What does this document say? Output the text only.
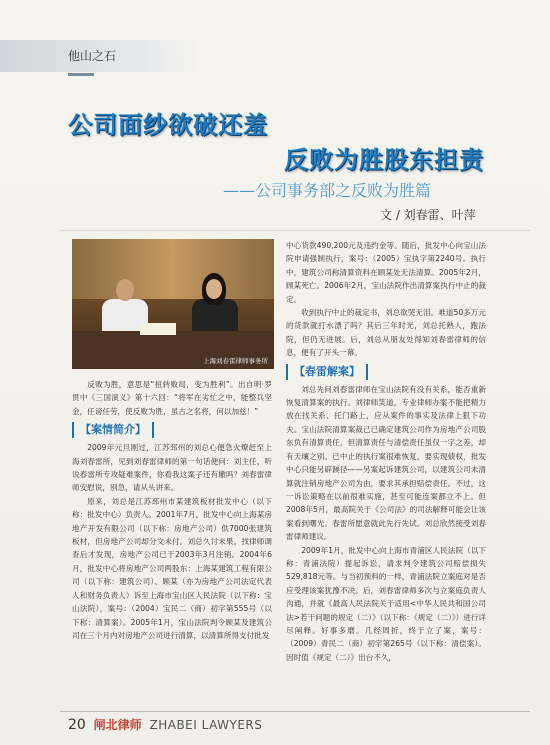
他山之石
公司面纱欲破还羞
反败为胜股东担责
——公司事务部之反败为胜篇
文 / 刘春雷、叶萍
上海刘春雷律师事务所

反败为胜，意思是“扭转败局，变为胜利”。出自明·罗贯中《三国演义》第十六回：“将军在劣忙之中，能整兵坚金，任谤任劳，使反败为胜，虽古之名将，何以加兹！”

【案情简介】

2009年元旦刚过，江苏邳州的刘总心便急火燎赶至上海刘春雷所，见到刘春雷律师的第一句话便问：刘主任，听说春雷所专攻疑难案件，你看我这案子还有辙吗？刘春雷律师安慰说，别急，请从头讲来。

原来，刘总是江苏邳州市某建筑板材批发中心（以下称：批发中心）负责人。2001年7月，批发中心向上海某房地产开发有限公司（以下称：房地产公司）供7000张建筑板材，但房地产公司却分文未付。刘总久讨未果。找律师调查后才发现，房地产公司已于2003年3月注销。2004年6月，批发中心将房地产公司两股东：上海某建筑工程有限公司（以下称：建筑公司）、顾某（亦为房地产公司法定代表人和财务负责人）诉至上海市宝山区人民法院（以下称：宝山法院），案号：（2004）宝民二（商）初字第555号（以下称：清算案）。2005年1月，宝山法院判令顾某及建筑公司在三个月内对房地产公司进行清算，以清算所得支付批发

中心货款490,200元及违约金等。随后，批发中心向宝山法院申请强制执行，案号：（2005）宝执字第2240号。执行中，建筑公司称清算资料在顾某处无法清算。2005年2月，顾某死亡。2006年2月，宝山法院作出清算案执行中止的裁定。

收到执行中止的裁定书，刘总欲哭无泪。难道50多万元的货款就打水漂了吗？其后三年时光，刘总托熟人，跑法院，但仍无进展。后，刘总从朋友处得知刘春雷律师的信息，便有了开头一幕。

【春雷解案】

刘总先问刘春雷律师在宝山法院有没有关系，能否重新恢复清算案的执行。刘律师笑道，专业律师办案不能把精力放在找关系、托门路上，应从案件的事实及法律上狠下功夫。宝山法院清算案裁己已确定建筑公司作为房地产公司股东负有清算责任，但清算责任与清偿责任虽仅一字之差，却有天壤之别。已中止的执行案很难恢复，要实现债权，批发中心只能另辟蹊径——另案起诉建筑公司，以建筑公司未清算就注销房地产公司为由，要求其承担赔偿责任。不过，这一诉讼策略在以前很难实施，甚至可能连案都立不上。但2008年5月，最高院关于《公司法》的司法解释可能会让该案看到曙光。春雷所愿意就此先行先试。刘总欣然接受刘春雷律师建议。

2009年1月，批发中心向上海市青浦区人民法院（以下称：青浦法院）提起诉讼，请求判令建筑公司赔偿损失529,818元等。与当初预料的一样，青浦法院立案庭对是否应受理该案犹豫不决。后，刘春雷律师多次与立案庭负责人沟通，并就《最高人民法院关于适用<中华人民共和国公司法>若干问题的规定（二）》（以下称：《规定（二）》）进行详尽阐释。好事多磨。几经周折，终于立了案，案号：（2009）青民二（商）初字第265号（以下称：清偿案）。因时值《规定（二）》出台不久，

20 闸北律师 ZHABEI LAWYERS
